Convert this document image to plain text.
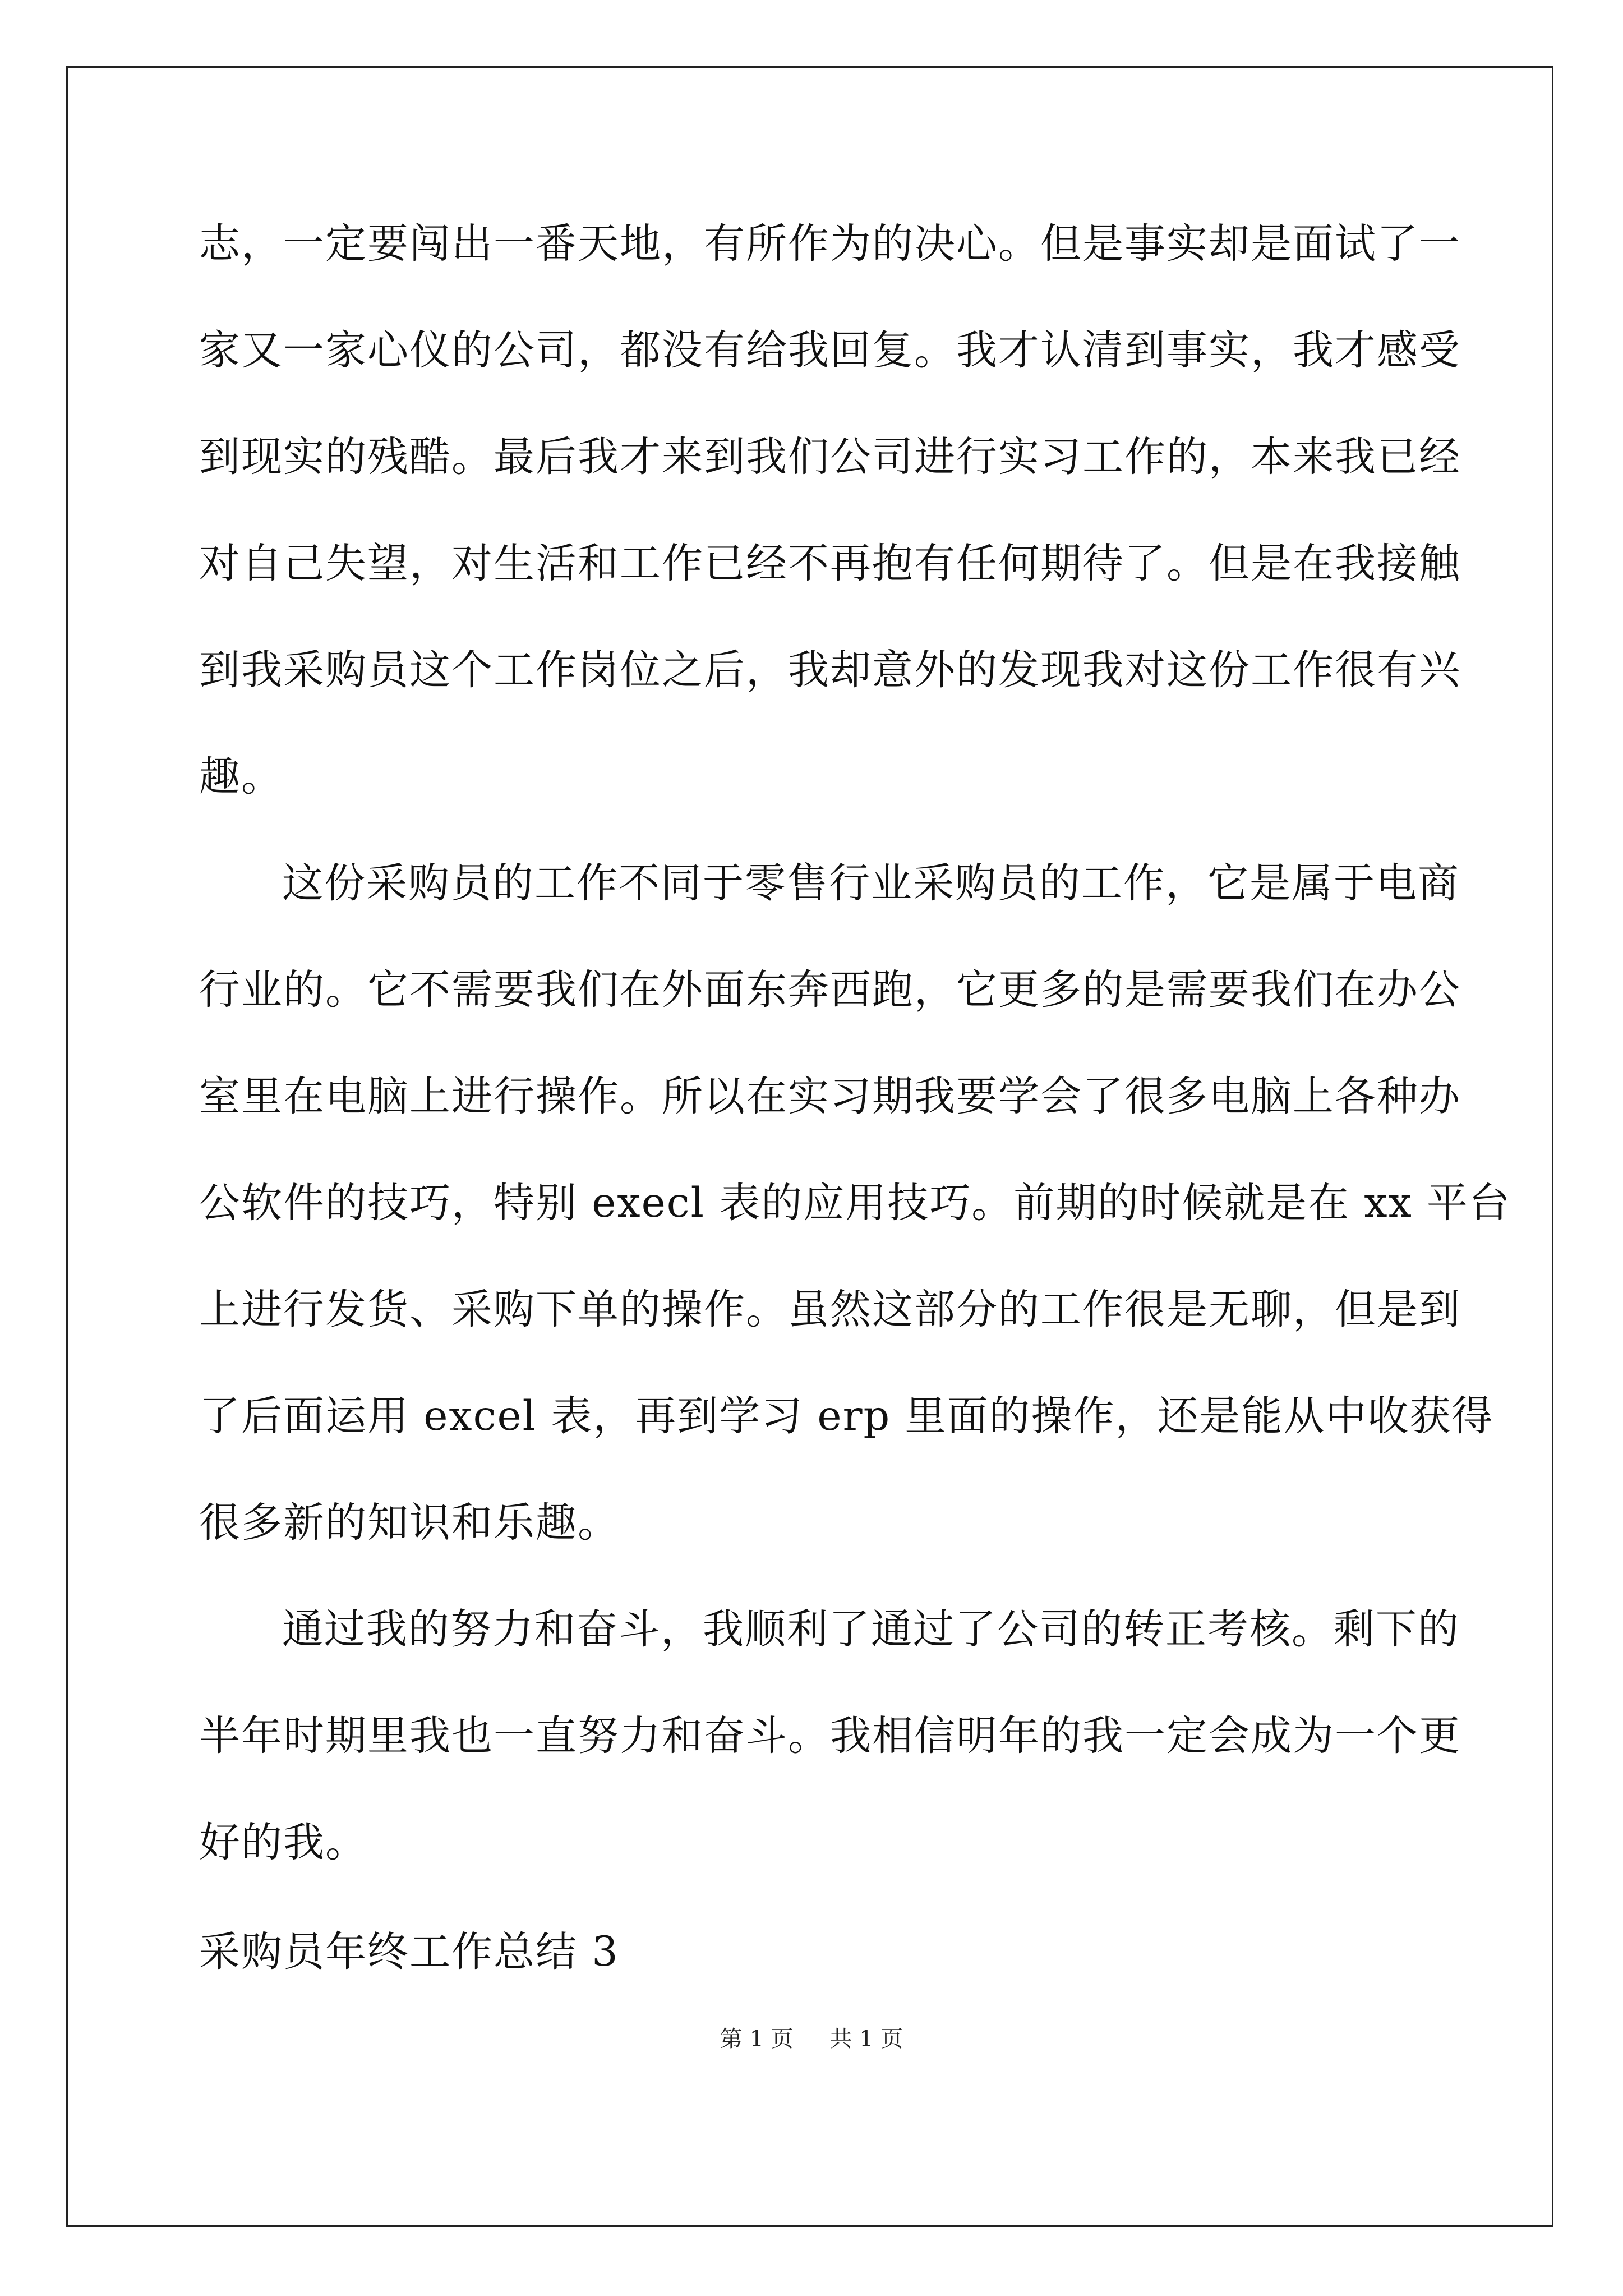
志，一定要闯出一番天地，有所作为的决心。但是事实却是面试了一
家又一家心仪的公司，都没有给我回复。我才认清到事实，我才感受
到现实的残酷。最后我才来到我们公司进行实习工作的，本来我已经
对自己失望，对生活和工作已经不再抱有任何期待了。但是在我接触
到我采购员这个工作岗位之后，我却意外的发现我对这份工作很有兴
趣。
这份采购员的工作不同于零售行业采购员的工作，它是属于电商
行业的。它不需要我们在外面东奔西跑，它更多的是需要我们在办公
室里在电脑上进行操作。所以在实习期我要学会了很多电脑上各种办
公软件的技巧，特别 execl 表的应用技巧。前期的时候就是在 xx 平台
上进行发货、采购下单的操作。虽然这部分的工作很是无聊，但是到
了后面运用 excel 表，再到学习 erp 里面的操作，还是能从中收获得
很多新的知识和乐趣。
通过我的努力和奋斗，我顺利了通过了公司的转正考核。剩下的
半年时期里我也一直努力和奋斗。我相信明年的我一定会成为一个更
好的我。
采购员年终工作总结 3
第 1 页 共 1 页
